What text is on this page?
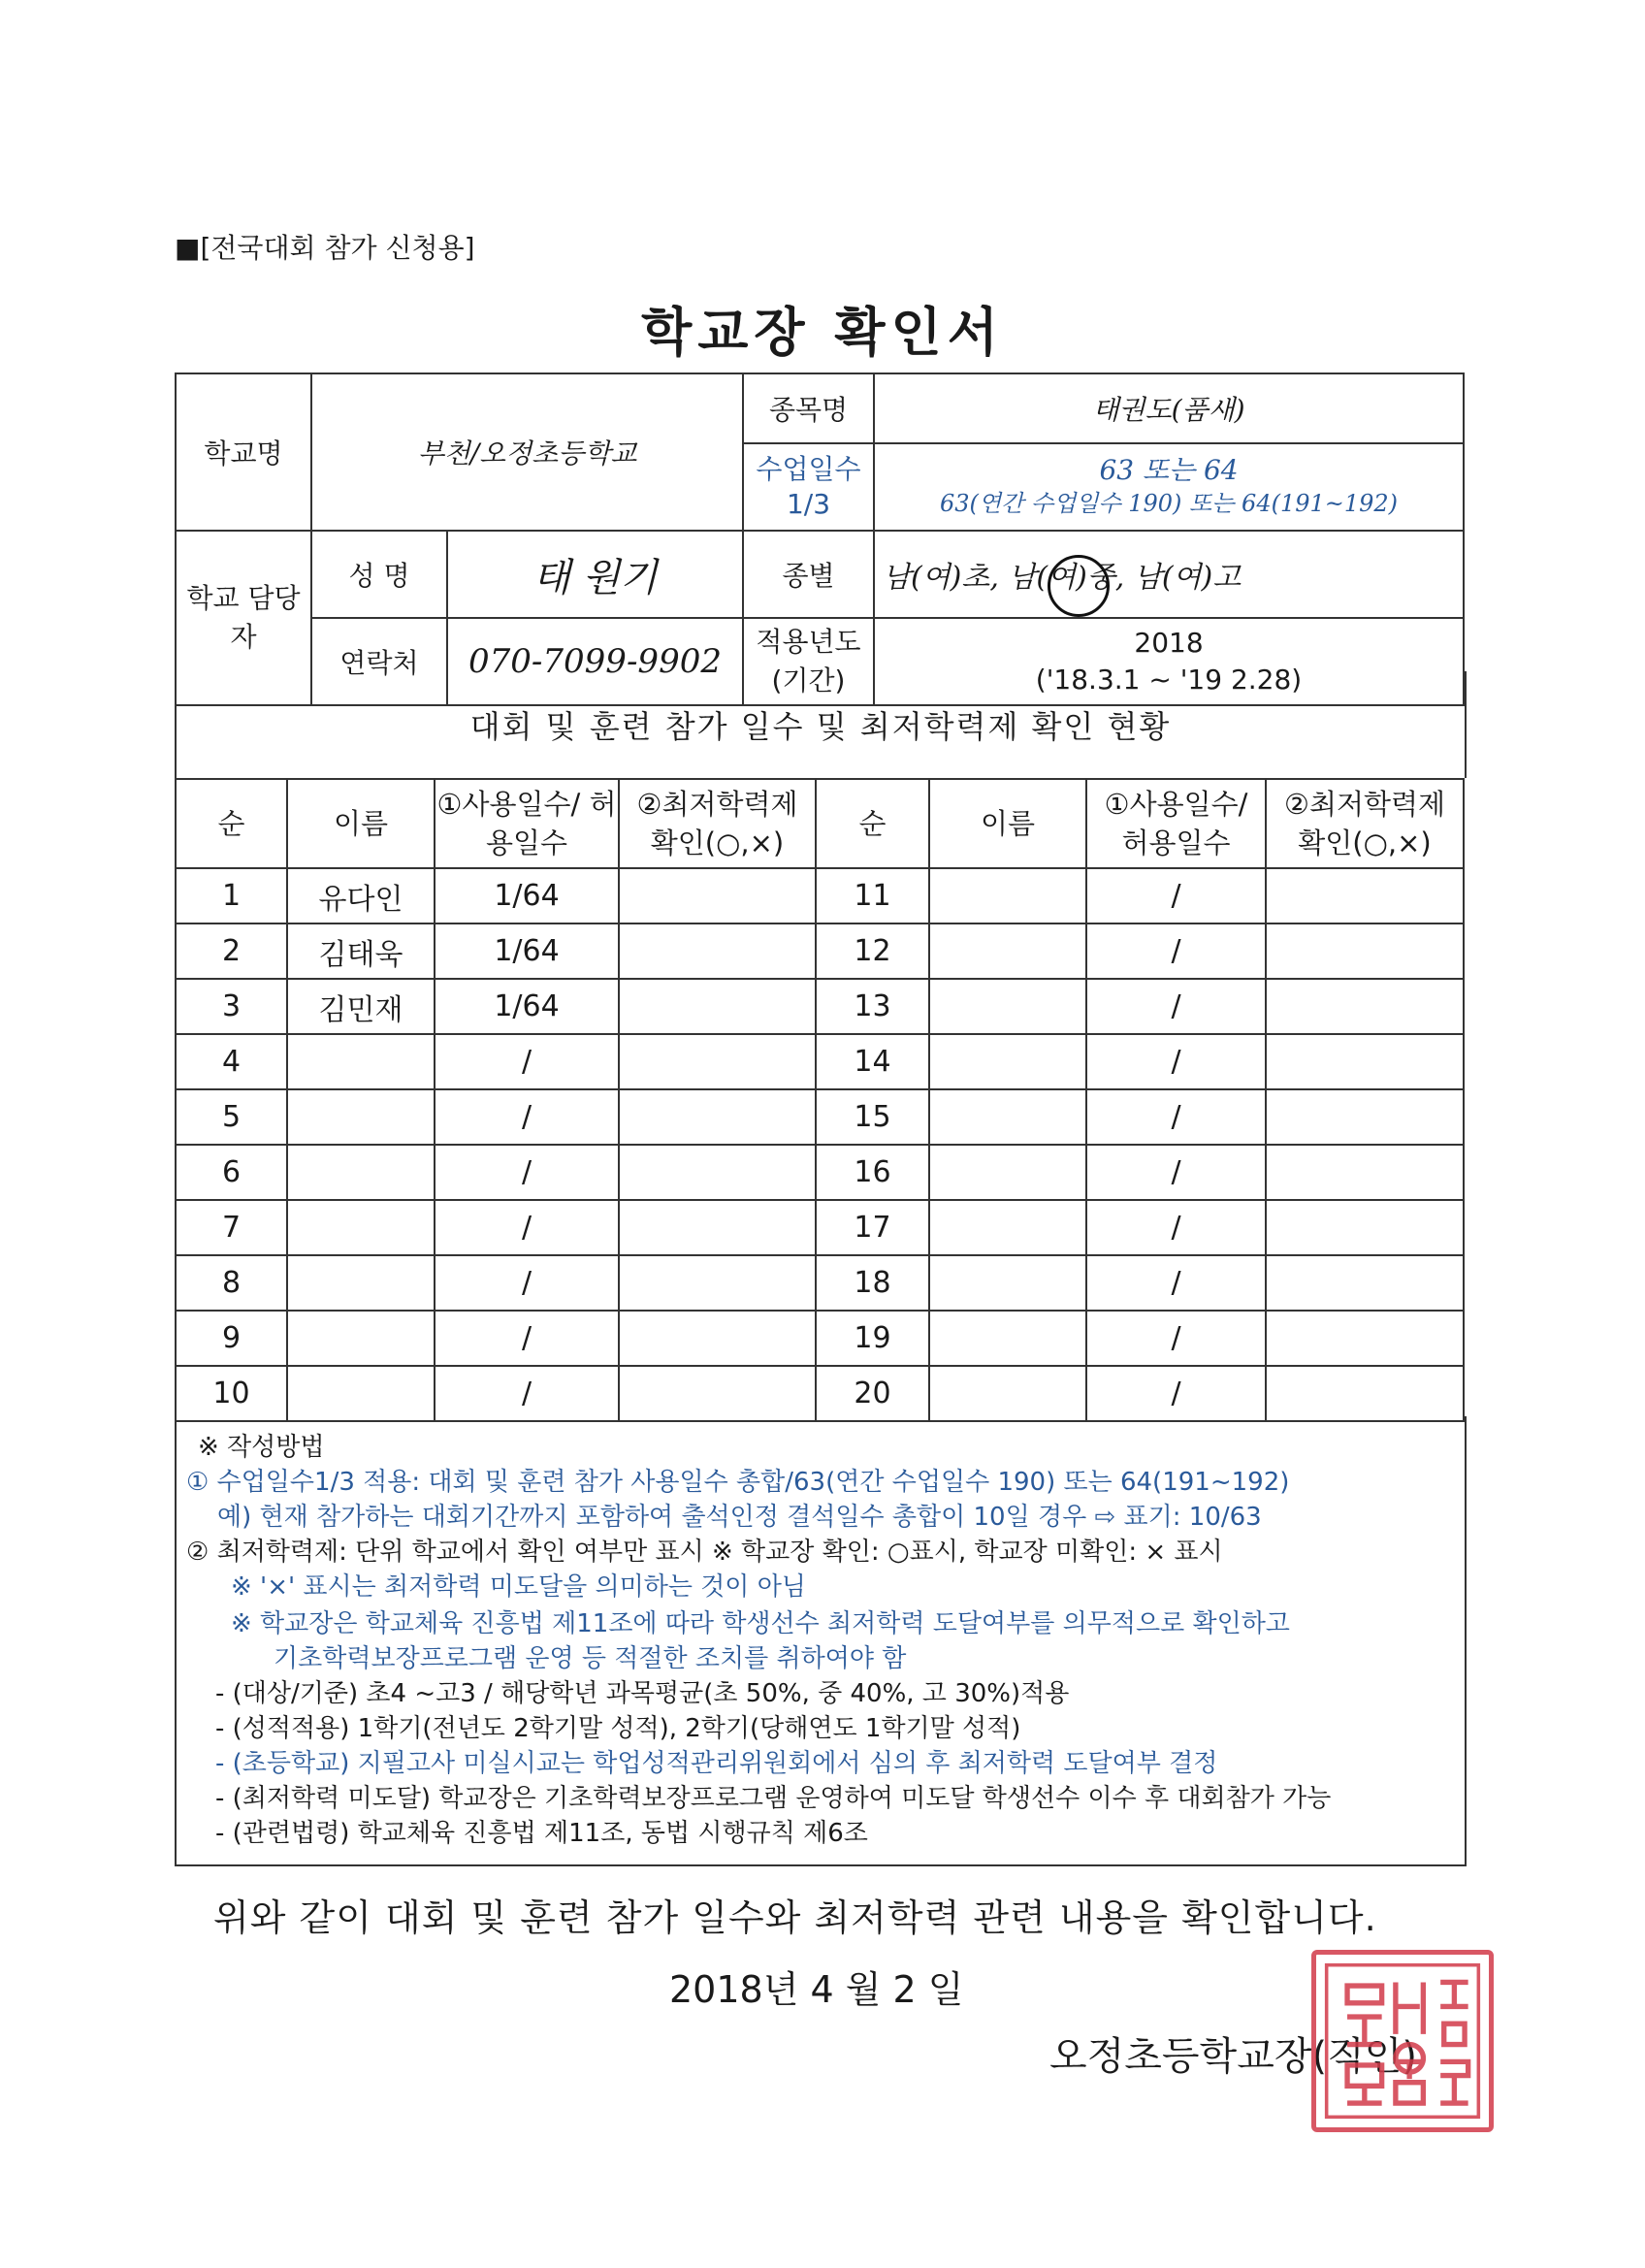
■[전국대회 참가 신청용]
학교장 확인서
학교명	부천/오정초등학교		종목명	태권도(품새)
			수업일수 1/3	63 또는 64
63(연간 수업일수 190) 또는 64(191~192)

학교 담당자	성 명	태 원기	종별	남(여)초, 남(여)중, 남(여)고
	연락처	070-7099-9902	적용년도 (기간)	2018
('18.3.1 ~ '19 2.28)
대회 및 훈련 참가 일수 및 최저학력제 확인 현황
순	이름	①사용일수/ 허용일수	②최저학력제 확인(○,×)	순	이름	①사용일수/ 허용일수	②최저학력제 확인(○,×)
1	유다인	1/64		11		/	
2	김태욱	1/64		12		/	
3	김민재	1/64		13		/	
4		/		14		/	
5		/		15		/	
6		/		16		/	
7		/		17		/	
8		/		18		/	
9		/		19		/	
10		/		20		/	
※ 작성방법
① 수업일수1/3 적용: 대회 및 훈련 참가 사용일수 총합/63(연간 수업일수 190) 또는 64(191~192)
예) 현재 참가하는 대회기간까지 포함하여 출석인정 결석일수 총합이 10일 경우 ⇨ 표기: 10/63
② 최저학력제: 단위 학교에서 확인 여부만 표시 ※ 학교장 확인: ○표시, 학교장 미확인: × 표시
※ '×' 표시는 최저학력 미도달을 의미하는 것이 아님
※ 학교장은 학교체육 진흥법 제11조에 따라 학생선수 최저학력 도달여부를 의무적으로 확인하고
기초학력보장프로그램 운영 등 적절한 조치를 취하여야 함
- (대상/기준) 초4 ~고3 / 해당학년 과목평균(초 50%, 중 40%, 고 30%)적용
- (성적적용) 1학기(전년도 2학기말 성적), 2학기(당해연도 1학기말 성적)
- (초등학교) 지필고사 미실시교는 학업성적관리위원회에서 심의 후 최저학력 도달여부 결정
- (최저학력 미도달) 학교장은 기초학력보장프로그램 운영하여 미도달 학생선수 이수 후 대회참가 가능
- (관련법령) 학교체육 진흥법 제11조, 동법 시행규칙 제6조
위와 같이 대회 및 훈련 참가 일수와 최저학력 관련 내용을 확인합니다.
2018년 4 월 2 일
오정초등학교장(직인)
